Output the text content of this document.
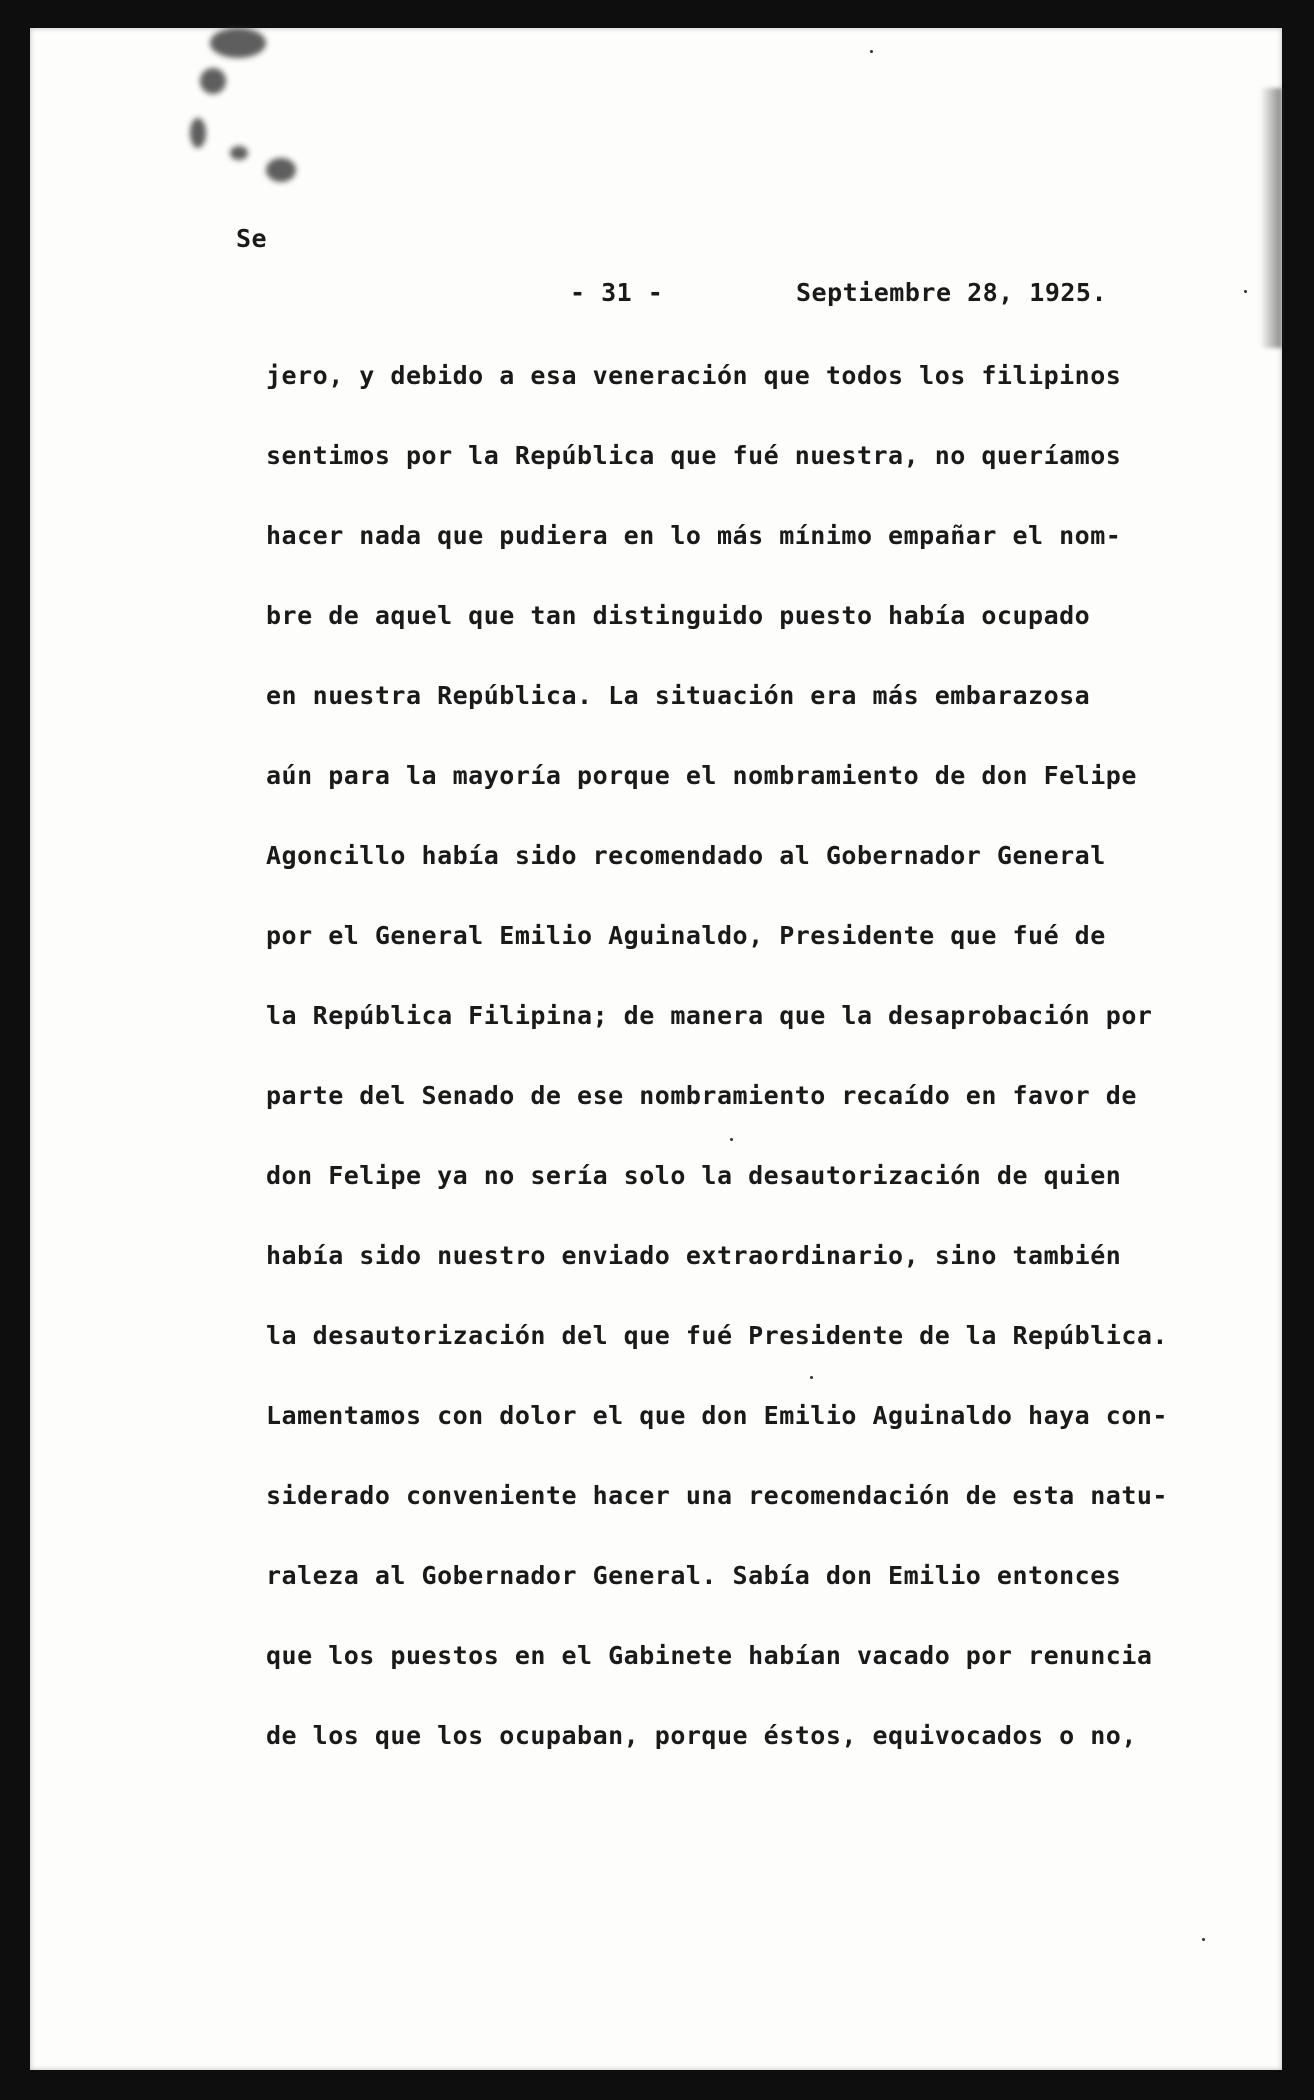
Se
- 31 -	Septiembre 28, 1925.
jero, y debido a esa veneración que todos los filipinos
sentimos por la República que fué nuestra, no queríamos
hacer nada que pudiera en lo más mínimo empañar el nom-
bre de aquel que tan distinguido puesto había ocupado
en nuestra República. La situación era más embarazosa
aún para la mayoría porque el nombramiento de don Felipe
Agoncillo había sido recomendado al Gobernador General
por el General Emilio Aguinaldo, Presidente que fué de
la República Filipina; de manera que la desaprobación por
parte del Senado de ese nombramiento recaído en favor de
don Felipe ya no sería solo la desautorización de quien
había sido nuestro enviado extraordinario, sino también
la desautorización del que fué Presidente de la República.
Lamentamos con dolor el que don Emilio Aguinaldo haya con-
siderado conveniente hacer una recomendación de esta natu-
raleza al Gobernador General. Sabía don Emilio entonces
que los puestos en el Gabinete habían vacado por renuncia
de los que los ocupaban, porque éstos, equivocados o no,
